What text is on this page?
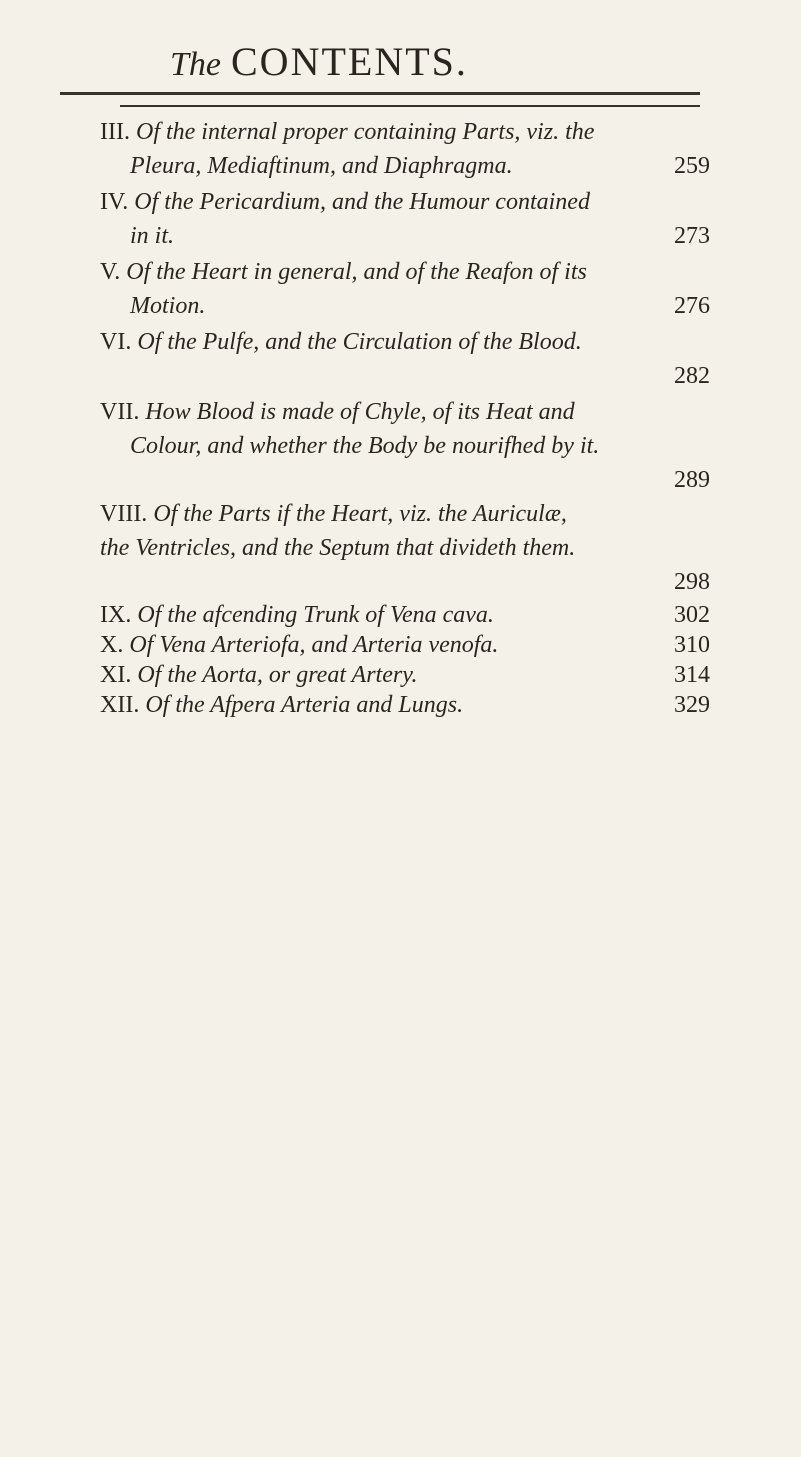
The CONTENTS.
III. Of the internal proper containing Parts, viz. the
Pleura, Mediaftinum, and Diaphragma.	259
IV. Of the Pericardium, and the Humour contained
in it.	273
V. Of the Heart in general, and of the Reafon of its
Motion.	276
VI. Of the Pulfe, and the Circulation of the Blood.
282

VII. How Blood is made of Chyle, of its Heat and
Colour, and whether the Body be nourifhed by it.
289

VIII. Of the Parts if the Heart, viz. the Auriculæ,
the Ventricles, and the Septum that divideth them.
298

IX. Of the afcending Trunk of Vena cava.	302
X. Of Vena Arteriofa, and Arteria venofa.	310
XI. Of the Aorta, or great Artery.	314
XII. Of the Afpera Arteria and Lungs.	329
